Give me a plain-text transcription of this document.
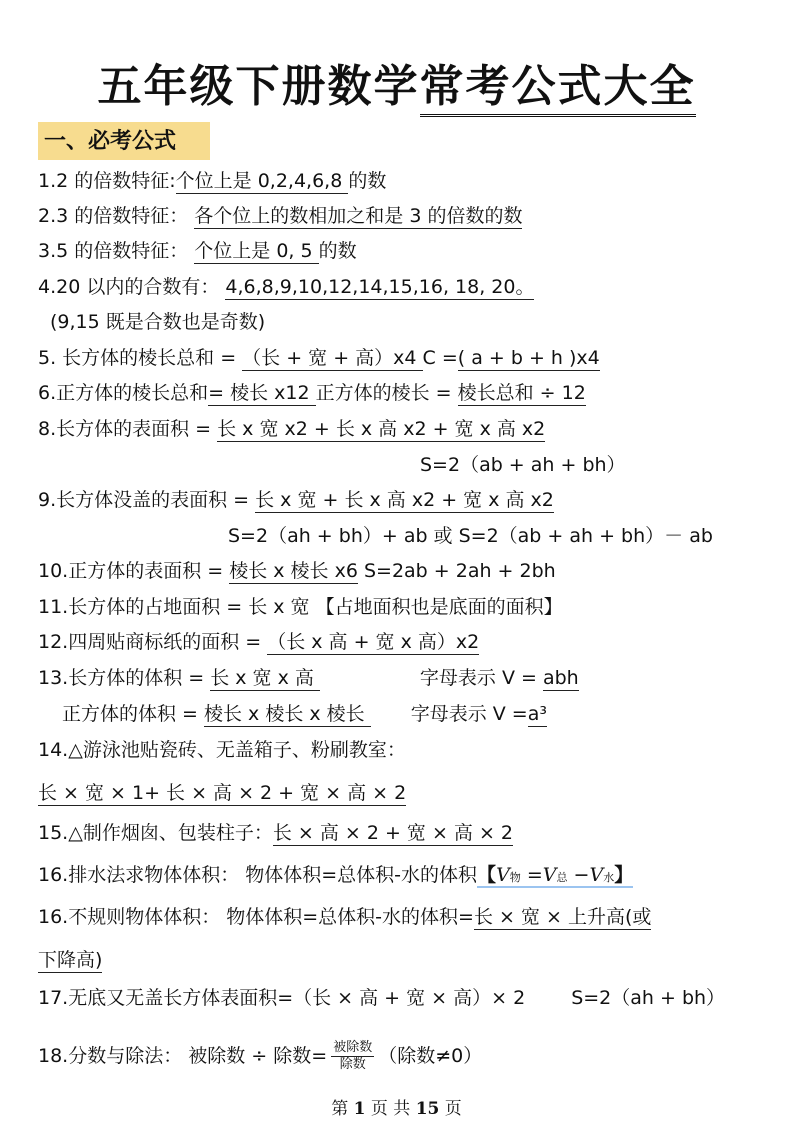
五年级下册数学常考公式大全
一、必考公式
1.2 的倍数特征:个位上是 0,2,4,6,8 的数
2.3 的倍数特征： 各个位上的数相加之和是 3 的倍数的数
3.5 的倍数特征： 个位上是 0, 5 的数
4.20 以内的合数有： 4,6,8,9,10,12,14,15,16, 18, 20。
(9,15 既是合数也是奇数)
5. 长方体的棱长总和 = （长 + 宽 + 高）x4 C =( a + b + h )x4
6.正方体的棱长总和= 棱长 x12 正方体的棱长 = 棱长总和 ÷ 12
8.长方体的表面积 = 长 x 宽 x2 + 长 x 高 x2 + 宽 x 高 x2
S=2（ab + ah + bh）
9.长方体没盖的表面积 = 长 x 宽 + 长 x 高 x2 + 宽 x 高 x2
S=2（ah + bh）+ ab 或 S=2（ab + ah + bh）－ ab
10.正方体的表面积 = 棱长 x 棱长 x6 S=2ab + 2ah + 2bh
11.长方体的占地面积 = 长 x 宽 【占地面积也是底面的面积】
12.四周贴商标纸的面积 = （长 x 高 + 宽 x 高）x2
13.长方体的体积 = 长 x 宽 x 高	字母表示 V = abh
正方体的体积 = 棱长 x 棱长 x 棱长 字母表示 V =a³
14.△游泳池贴瓷砖、无盖箱子、粉刷教室：
长 × 宽 × 1+ 长 × 高 × 2 + 宽 × 高 × 2
15.△制作烟囱、包装柱子：长 × 高 × 2 + 宽 × 高 × 2
16.排水法求物体体积： 物体体积=总体积-水的体积【V物 =V总 −V水】
16.不规则物体体积： 物体体积=总体积-水的体积=长 × 宽 × 上升高(或
下降高)
17.无底又无盖长方体表面积=（长 × 高 + 宽 × 高）× 2 S=2（ah + bh）
18.分数与除法： 被除数 ÷ 除数= $\frac{\text{被除数}}{\text{除数}}$ （除数≠0）
第 1 页 共 15 页
